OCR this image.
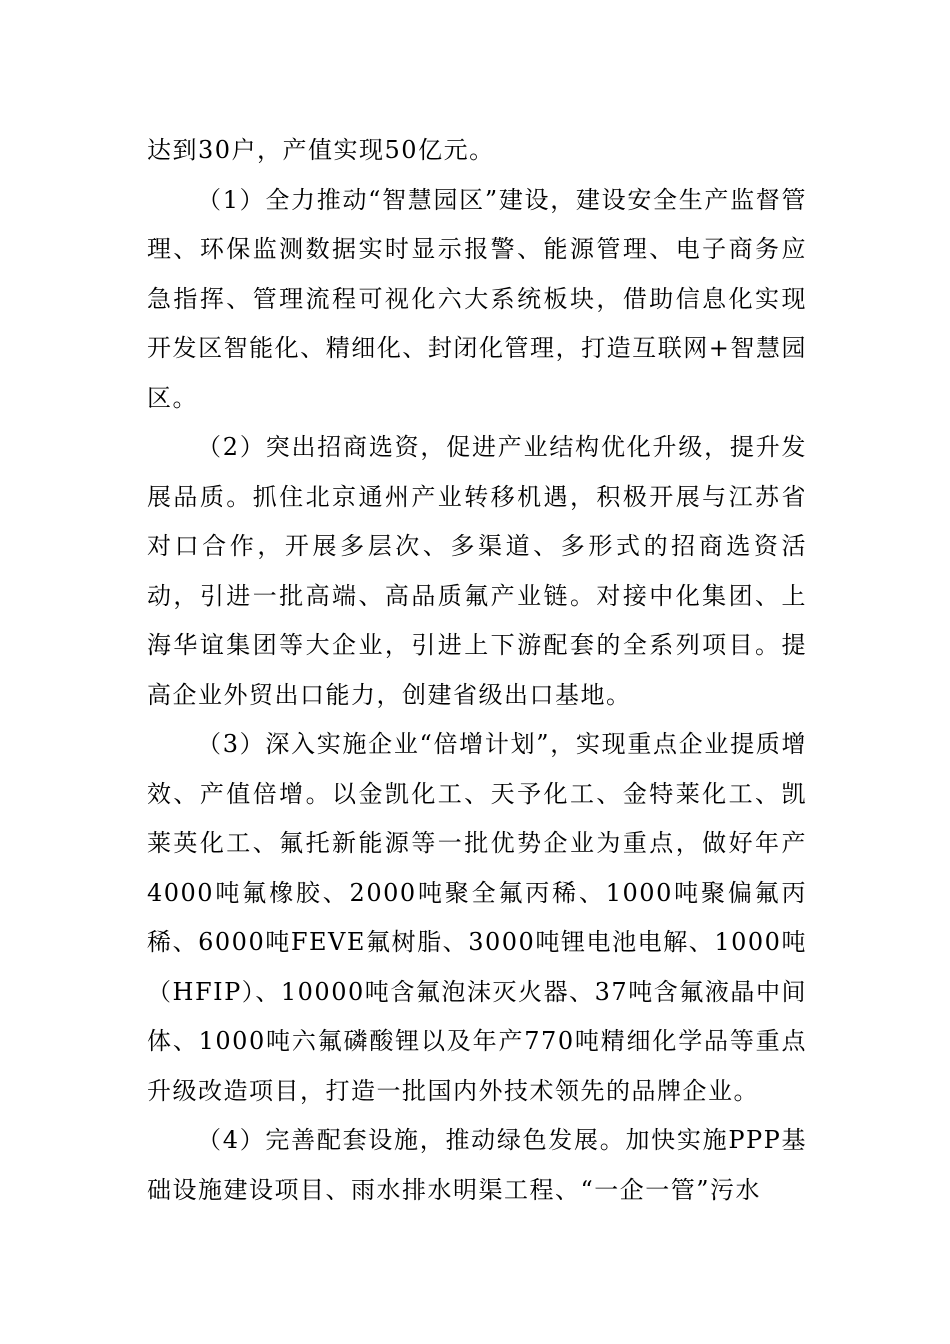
达到30户，产值实现50亿元。

（1）全力推动“智慧园区”建设，建设安全生产监督管理、环保监测数据实时显示报警、能源管理、电子商务应急指挥、管理流程可视化六大系统板块，借助信息化实现开发区智能化、精细化、封闭化管理，打造互联网+智慧园区。

（2）突出招商选资，促进产业结构优化升级，提升发展品质。抓住北京通州产业转移机遇，积极开展与江苏省对口合作，开展多层次、多渠道、多形式的招商选资活动，引进一批高端、高品质氟产业链。对接中化集团、上海华谊集团等大企业，引进上下游配套的全系列项目。提高企业外贸出口能力，创建省级出口基地。

（3）深入实施企业“倍增计划”，实现重点企业提质增效、产值倍增。以金凯化工、天予化工、金特莱化工、凯莱英化工、氟托新能源等一批优势企业为重点，做好年产4000吨氟橡胶、2000吨聚全氟丙稀、1000吨聚偏氟丙稀、6000吨FEVE氟树脂、3000吨锂电池电解、1000吨（HFIP）、10000吨含氟泡沫灭火器、37吨含氟液晶中间体、1000吨六氟磷酸锂以及年产770吨精细化学品等重点升级改造项目，打造一批国内外技术领先的品牌企业。

（4）完善配套设施，推动绿色发展。加快实施PPP基础设施建设项目、雨水排水明渠工程、“一企一管”污水
